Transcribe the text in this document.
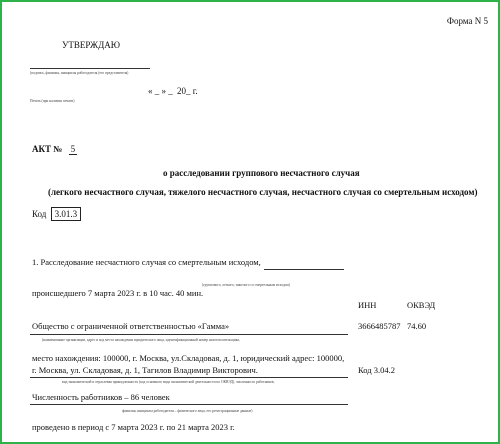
Форма N 5
УТВЕРЖДАЮ
(подпись, фамилия, инициалы работодателя (его представителя)
« _ » _ 20_ г.
Печать (при наличии печати)
АКТ № 5
о расследовании группового несчастного случая
(легкого несчастного случая, тяжелого несчастного случая, несчастного случая со смертельным исходом)
Код 3.01.3
1. Расследование несчастного случая со смертельным исходом,
(группового, легкого, тяжелого со смертельным исходом)
происшедшего 7 марта 2023 г. в 10 час. 40 мин.
ИНН	ОКВЭД
Общество с ограниченной ответственностью «Гамма»	3666485787 74.60
(наименование организации, адрес и код места нахождения юридического лица, идентификационный номер налогоплательщика,
место нахождения: 100000, г. Москва, ул.Складовая, д. 1, юридический адрес: 100000,
г. Москва, ул. Складовая, д. 1, Тагилов Владимир Викторович.	Код 3.04.2
вид экономической и отраслевая принадлежность (код основного вида экономической деятельности по ОКВЭД), численность работников,
Численность работников – 86 человек
фамилия, инициалы работодателя – физического лица, его регистрационные данные)
проведено в период с 7 марта 2023 г. по 21 марта 2023 г.
